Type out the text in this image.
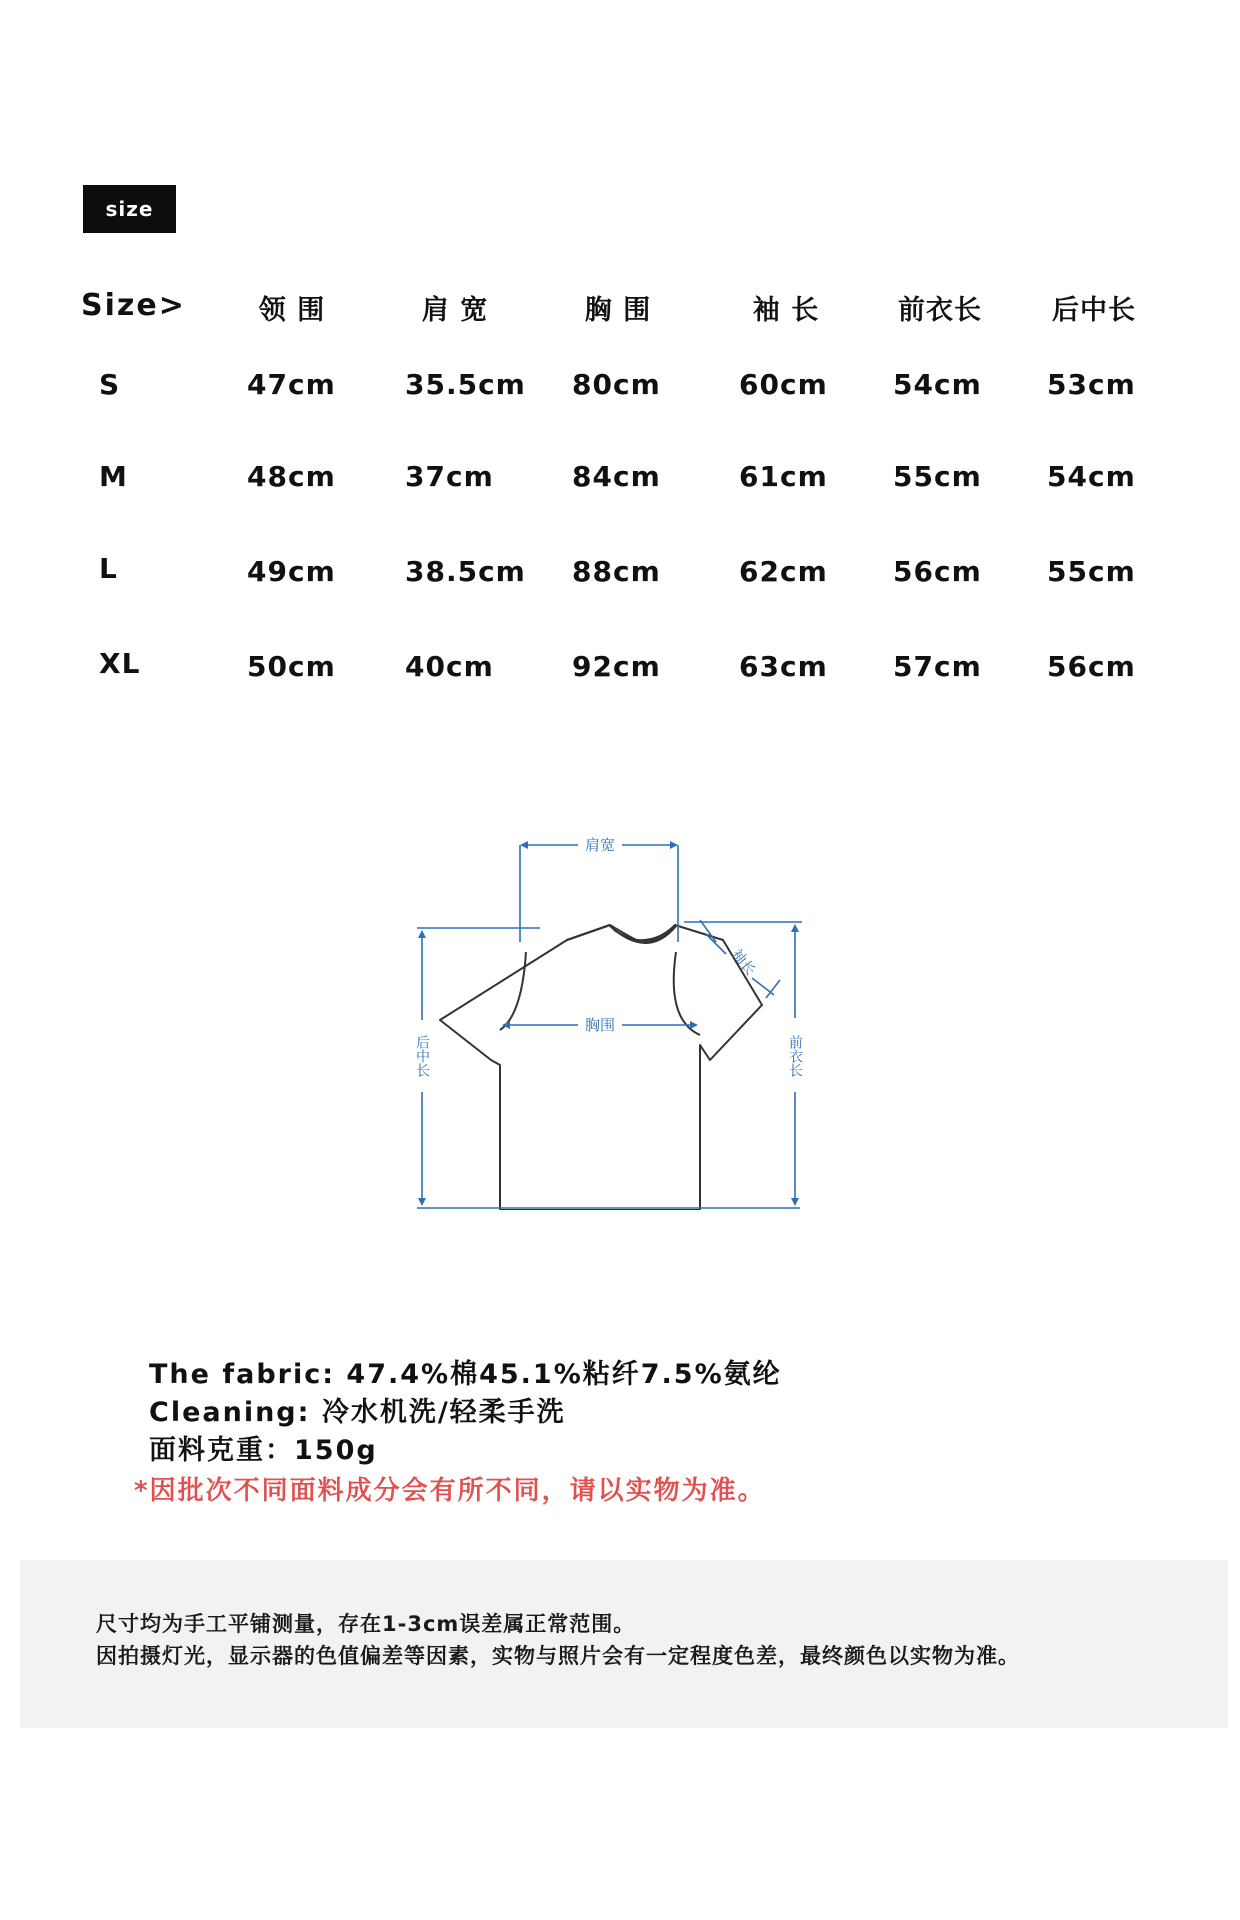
size
Size>	领 围	肩 宽	胸 围	袖 长	前衣长	后中长
S	47cm 35.5cm 80cm	60cm 54cm 53cm
M	48cm 37cm	84cm	61cm 55cm 54cm
L	49cm 38.5cm 88cm	62cm 56cm 55cm
XL	50cm 40cm	92cm	63cm 57cm 56cm
肩宽
胸围
袖长
后中长	前衣长
The fabric: 47.4%棉45.1%粘纤7.5%氨纶
Cleaning: 冷水机洗/轻柔手洗
面料克重：150g
*因批次不同面料成分会有所不同，请以实物为准。
尺寸均为手工平铺测量，存在1-3cm误差属正常范围。
因拍摄灯光，显示器的色值偏差等因素，实物与照片会有一定程度色差，最终颜色以实物为准。
